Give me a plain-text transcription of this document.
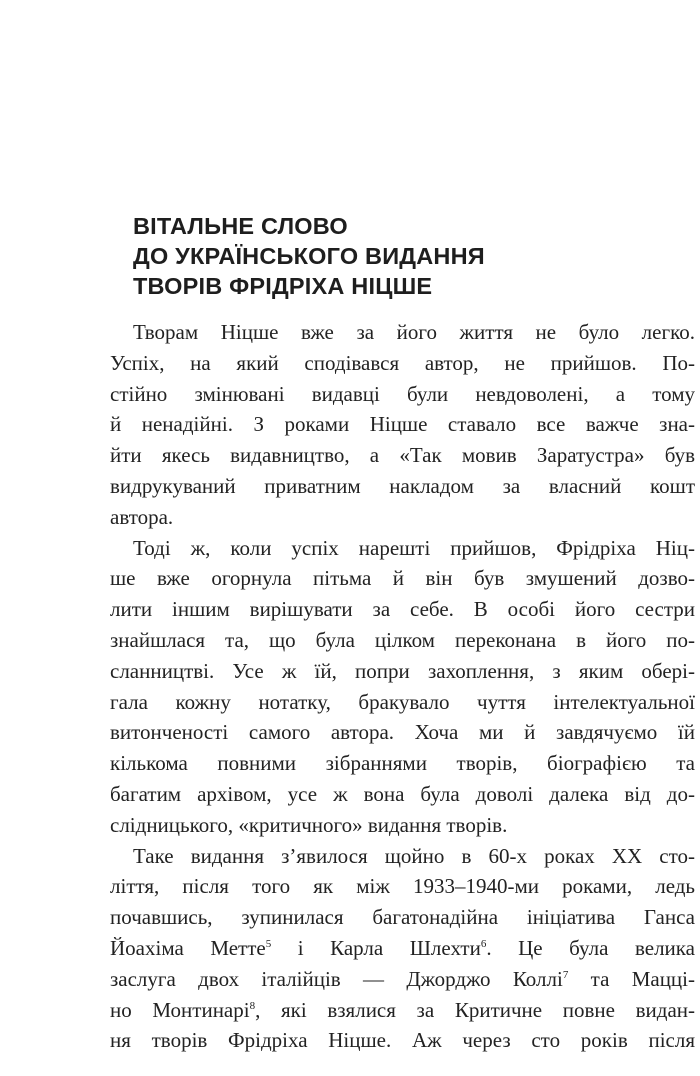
ВІТАЛЬНЕ СЛОВО
ДО УКРАЇНСЬКОГО ВИДАННЯ
ТВОРІВ ФРІДРІХА НІЦШЕ
Творам Ніцше вже за його життя не було легко.
Успіх, на який сподівався автор, не прийшов. По-
стійно змінювані видавці були невдоволені, а тому
й ненадійні. З роками Ніцше ставало все важче зна-
йти якесь видавництво, а «Так мовив Заратустра» був
видрукуваний приватним накладом за власний кошт
автора.
Тоді ж, коли успіх нарешті прийшов, Фрідріха Ніц-
ше вже огорнула пітьма й він був змушений дозво-
лити іншим вирішувати за себе. В особі його сестри
знайшлася та, що була цілком переконана в його по-
сланництві. Усе ж їй, попри захоплення, з яким обері-
гала кожну нотатку, бракувало чуття інтелектуальної
витонченості самого автора. Хоча ми й завдячуємо їй
кількома повними зібраннями творів, біографією та
багатим архівом, усе ж вона була доволі далека від до-
слідницького, «критичного» видання творів.
Таке видання з’явилося щойно в 60-х роках XX сто-
ліття, після того як між 1933–1940-ми роками, ледь
почавшись, зупинилася багатонадійна ініціатива Ганса
Йоахіма Метте$^5$ і Карла Шлехти$^6$. Це була велика
заслуга двох італійців — Джорджо Коллі$^7$ та Маццi-
но Монтинарі$^8$, які взялися за Критичне повне видан-
ня творів Фрідріха Ніцше. Аж через сто років після
